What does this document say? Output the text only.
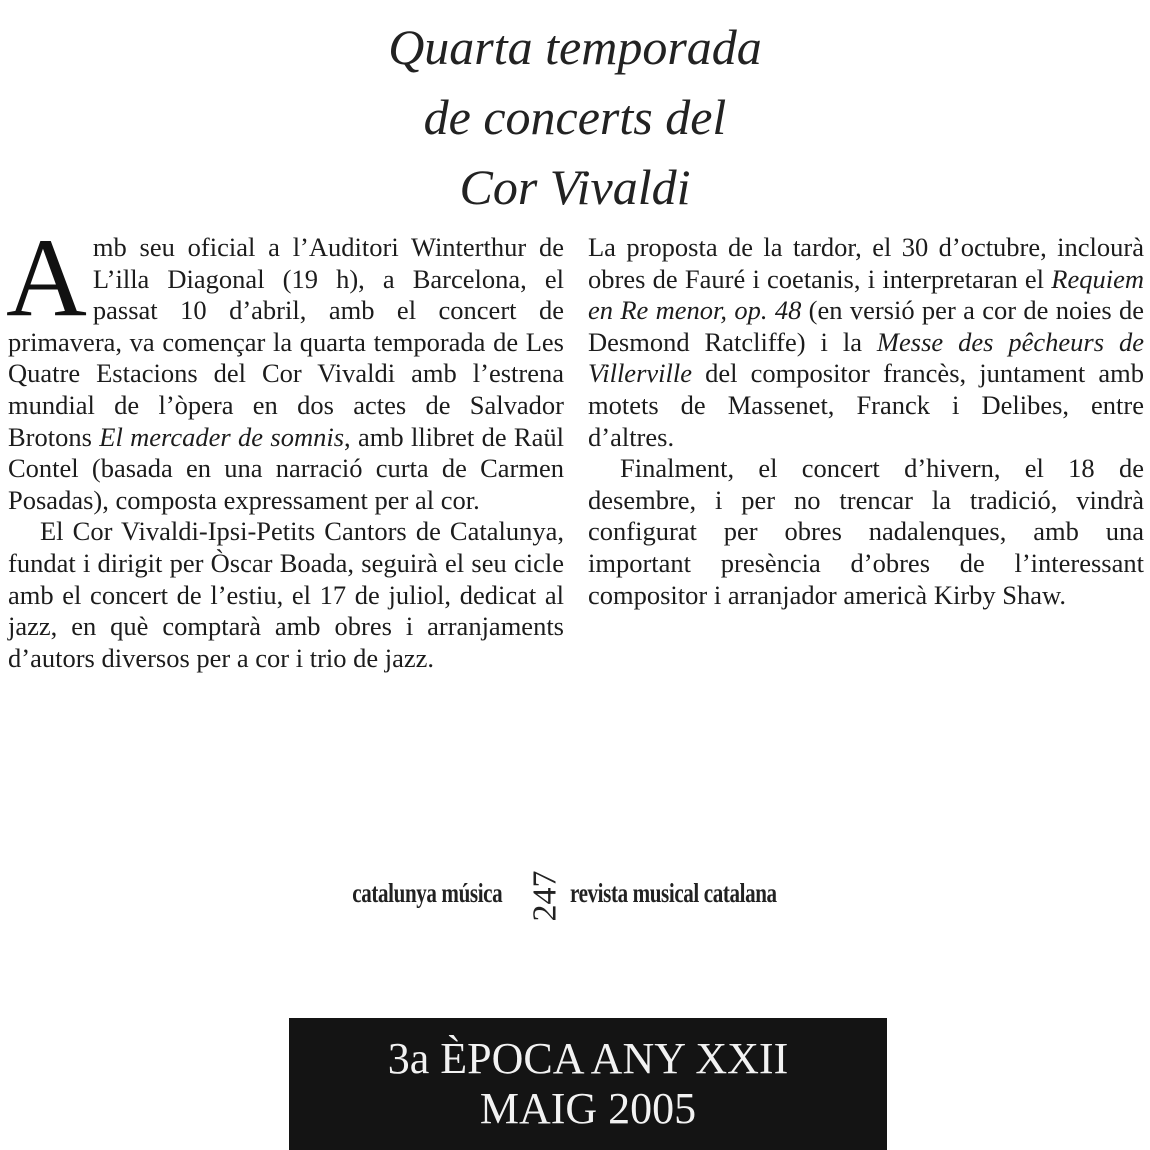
Quarta temporada
de concerts del
Cor Vivaldi

Amb seu oficial a l’Auditori Winterthur de L’illa Diagonal (19 h), a Barcelona, el passat 10 d’abril, amb el concert de primavera, va començar la quarta temporada de Les Quatre Estacions del Cor Vivaldi amb l’estrena mundial de l’òpera en dos actes de Salvador Brotons El mercader de somnis, amb llibret de Raül Contel (basada en una narració curta de Carmen Posadas), composta expressament per al cor.

El Cor Vivaldi-Ipsi-Petits Cantors de Catalunya, fundat i dirigit per Òscar Boada, seguirà el seu cicle amb el concert de l’estiu, el 17 de juliol, dedicat al jazz, en què comptarà amb obres i arranjaments d’autors diversos per a cor i trio de jazz.

La proposta de la tardor, el 30 d’octubre, inclourà obres de Fauré i coetanis, i interpretaran el Requiem en Re menor, op. 48 (en versió per a cor de noies de Desmond Ratcliffe) i la Messe des pêcheurs de Villerville del compositor francès, juntament amb motets de Massenet, Franck i Delibes, entre d’altres.

Finalment, el concert d’hivern, el 18 de desembre, i per no trencar la tradició, vindrà configurat per obres nadalenques, amb una important presència d’obres de l’interessant compositor i arranjador americà Kirby Shaw.

catalunya música 247 revista musical catalana
3a ÈPOCA ANY XXII
MAIG 2005
